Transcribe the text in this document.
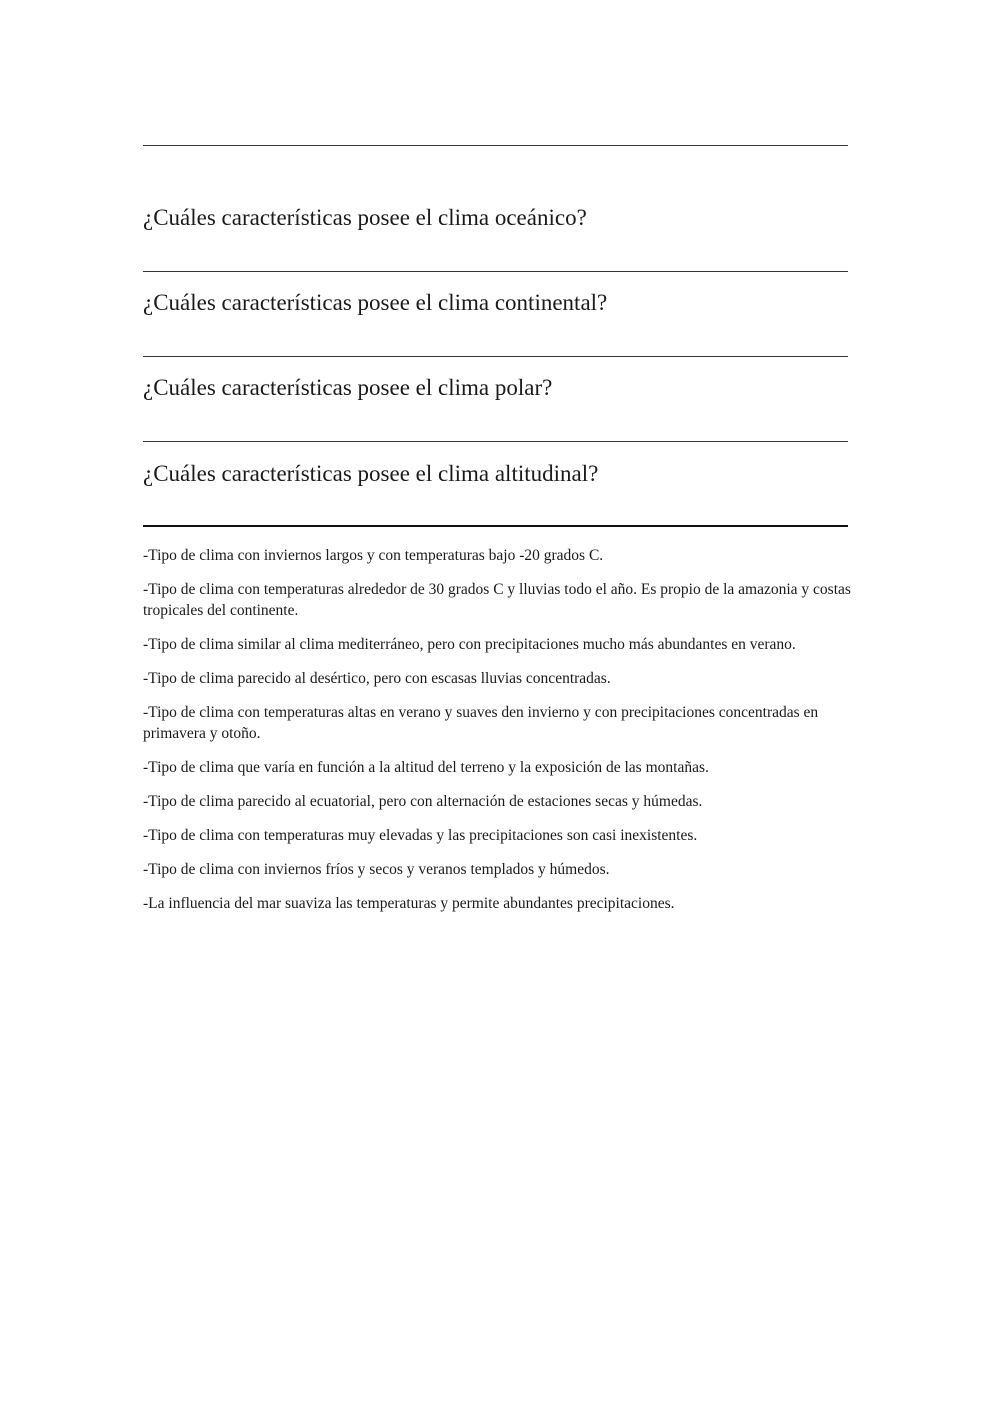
¿Cuáles características posee el clima oceánico?
¿Cuáles características posee el clima continental?
¿Cuáles características posee el clima polar?
¿Cuáles características posee el clima altitudinal?
-Tipo de clima con inviernos largos y con temperaturas bajo -20 grados C.
-Tipo de clima con temperaturas alrededor de 30 grados C y lluvias todo el año. Es propio de la amazonia y costas tropicales del continente.
-Tipo de clima similar al clima mediterráneo, pero con precipitaciones mucho más abundantes en verano.
-Tipo de clima parecido al desértico, pero con escasas lluvias concentradas.
-Tipo de clima con temperaturas altas en verano y suaves den invierno y con precipitaciones concentradas en primavera y otoño.
-Tipo de clima que varía en función a la altitud del terreno y la exposición de las montañas.
-Tipo de clima parecido al ecuatorial, pero con alternación de estaciones secas y húmedas.
-Tipo de clima con temperaturas muy elevadas y las precipitaciones son casi inexistentes.
-Tipo de clima con inviernos fríos y secos y veranos templados y húmedos.
-La influencia del mar suaviza las temperaturas y permite abundantes precipitaciones.
